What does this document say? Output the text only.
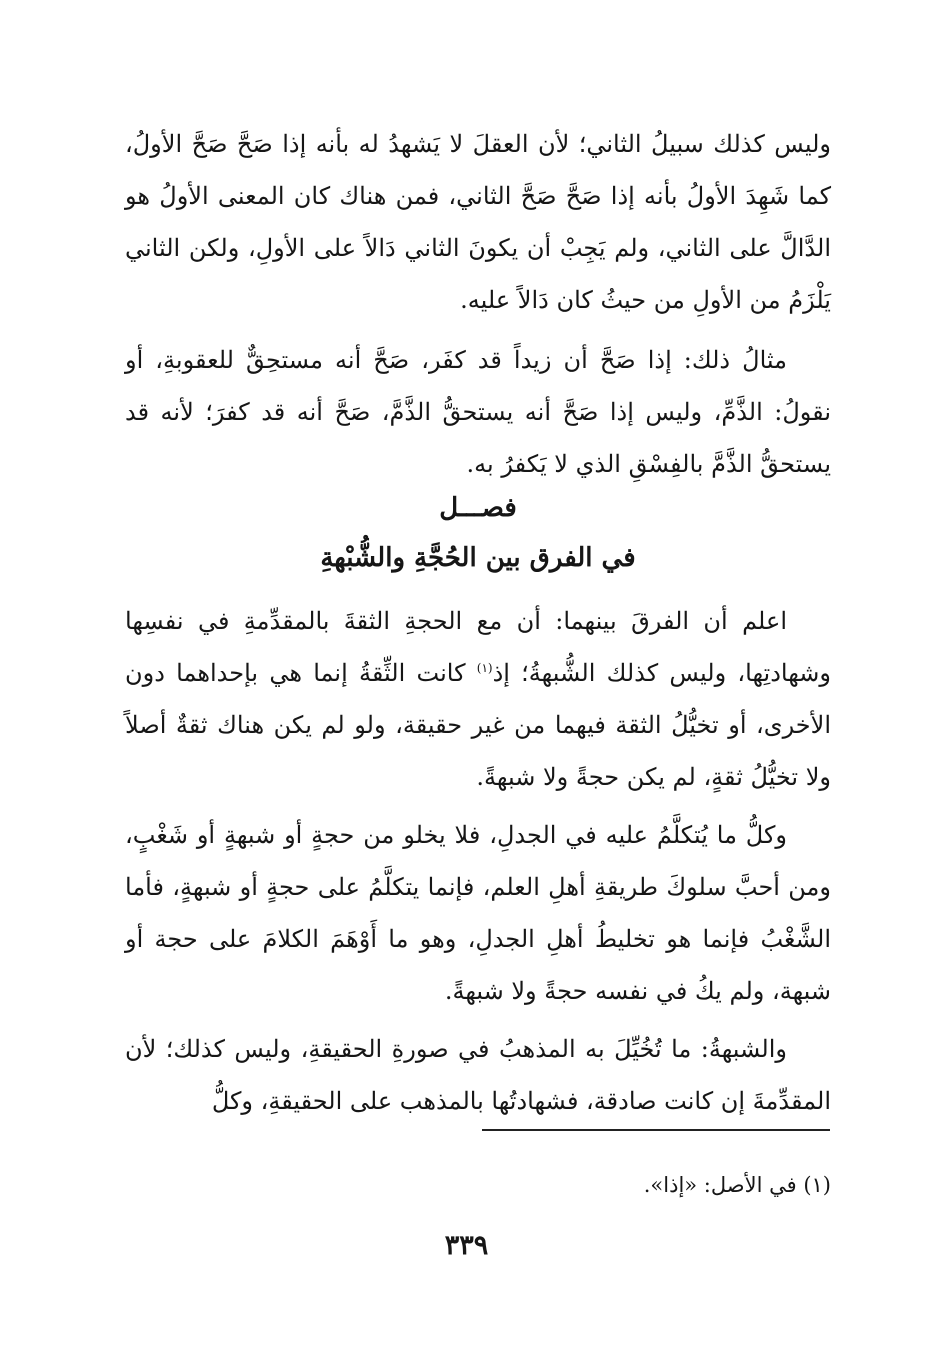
وليس كذلك سبيلُ الثاني؛ لأن العقلَ لا يَشهدُ له بأنه إذا صَحَّ صَحَّ الأولُ، كما شَهِدَ الأولُ بأنه إذا صَحَّ صَحَّ الثاني، فمن هناك كان المعنى الأولُ هو الدَّالَّ على الثاني، ولم يَجِبْ أن يكونَ الثاني دَالاً على الأولِ، ولكن الثاني يَلْزَمُ من الأولِ من حيثُ كان دَالاً عليه.

مثالُ ذلك: إذا صَحَّ أن زيداً قد كفَر، صَحَّ أنه مستحِقٌّ للعقوبةِ، أو نقولُ: الذَّمِّ، وليس إذا صَحَّ أنه يستحقُّ الذَّمَّ، صَحَّ أنه قد كفرَ؛ لأنه قد يستحقُّ الذَّمَّ بالفِسْقِ الذي لا يَكفرُ به.

فصـــل
في الفرق بين الحُجَّةِ والشُّبْهةِ

اعلم أن الفرقَ بينهما: أن مع الحجةِ الثقةَ بالمقدِّمةِ في نفسِها وشهادتِها، وليس كذلك الشُّبهةُ؛ إذ$^{(١)}$ كانت الثِّقةُ إنما هي بإحداهما دون الأخرى، أو تخيُّلُ الثقة فيهما من غير حقيقة، ولو لم يكن هناك ثقةٌ أصلاً ولا تخيُّلُ ثقةٍ، لم يكن حجةً ولا شبهةً.

وكلُّ ما يُتكلَّمُ عليه في الجدلِ، فلا يخلو من حجةٍ أو شبهةٍ أو شَغْبٍ، ومن أحبَّ سلوكَ طريقةِ أهلِ العلم، فإنما يتكلَّمُ على حجةٍ أو شبهةٍ، فأما الشَّغْبُ فإنما هو تخليطُ أهلِ الجدلِ، وهو ما أَوْهَمَ الكلامَ على حجة أو شبهة، ولم يكُ في نفسه حجةً ولا شبهةً.

والشبهةُ: ما تُخُيِّلَ به المذهبُ في صورةِ الحقيقةِ، وليس كذلك؛ لأن المقدِّمةَ إن كانت صادقة، فشهادتُها بالمذهب على الحقيقةِ، وكلُّ

(١) في الأصل: «إذا».
٣٣٩
